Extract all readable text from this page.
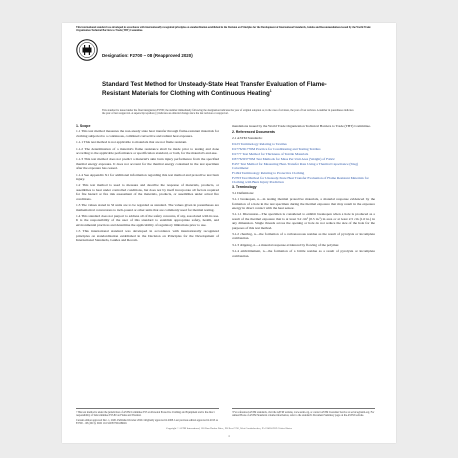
This international standard was developed in accordance with internationally recognized principles on standardization established in the Decision on Principles for the Development of International Standards, Guides and Recommendations issued by the World Trade Organization Technical Barriers to Trade (TBT) Committee.
Designation: F2700 − 08 (Reapproved 2020)
Standard Test Method for Unsteady-State Heat Transfer Evaluation of Flame-Resistant Materials for Clothing with Continuous Heating$^1$
This standard is issued under the fixed designation F2700; the number immediately following the designation indicates the year of original adoption or, in the case of revision, the year of last revision. A number in parentheses indicates the year of last reapproval. A superscript epsilon (ε) indicates an editorial change since the last revision or reapproval.
1. Scope
1.1 This test method measures the non-steady state heat transfer through flame-resistant materials for clothing subjected to a continuous, combined convective and radiant heat exposure.
1.1.1 This test method is not applicable to materials that are not flame resistant.
1.1.2 The determination of a material's flame resistance shall be made prior to testing and done according to the applicable performance or specification standard, or both, for the material's end-use.
1.1.3 This test method does not predict a material's skin burn injury performance from the specified thermal energy exposure. It does not account for the thermal energy contained in the test specimen after the exposure has ceased.
1.1.4 See Appendix X1 for additional information regarding this test method and protective test burn injury.
1.2 This test method is used to measure and describe the response of materials, products, or assemblies to heat under controlled conditions, but does not by itself incorporate all factors required for fire hazard or fire risk assessment of the materials, products, or assemblies under actual fire conditions.
1.3 The values stated in SI units are to be regarded as standard. The values given in parentheses are mathematical conversions to inch-pound or other units that are commonly used for thermal testing.
1.4 This standard does not purport to address all of the safety concerns, if any, associated with its use. It is the responsibility of the user of this standard to establish appropriate safety, health, and environmental practices and determine the applicability of regulatory limitations prior to use.
1.5 This international standard was developed in accordance with internationally recognized principles on standardization established in the Decision on Principles for the Development of International Standards, Guides and Recom-
mendations issued by the World Trade Organization Technical Barriers to Trade (TBT) Committee.
2. Referenced Documents
2.1 ASTM Standards:
D123 Terminology Relating to Textiles
D1776/D1776M Practice for Conditioning and Testing Textiles
D1777 Test Method for Thickness of Textile Materials
D3776/D3776M Test Methods for Mass Per Unit Area (Weight) of Fabric
E457 Test Method for Measuring Heat-Transfer Rate Using a Thermal Capacitance (Slug) Calorimeter
F1494 Terminology Relating to Protective Clothing
F2703 Test Method for Unsteady-State Heat Transfer Evaluation of Flame Resistant Materials for Clothing with Burn Injury Prediction
3. Terminology
3.1 Definitions:
3.1.1 breakopen, n—in testing thermal protective materials, a material response evidenced by the formation of a hole in the test specimen during the thermal exposure that may result in the exposure energy in direct contact with the heat sensor.
3.1.1.1 Discussion—The specimen is considered to exhibit breakopen when a hole is produced as a result of the thermal exposure that is at least 3.2 cm² (0.5 in.²) in area or at least 2.5 cm (1.0 in.) in any dimension. Single threads across the opening or hole do not reduce the size of the hole for the purposes of this test method.
3.1.2 charring, n—the formation of a carbonaceous residue as the result of pyrolysis or incomplete combustion.
3.1.3 dripping, n—a material response evidenced by flowing of the polymer.
3.1.4 embrittlement, n—the formation of a brittle residue as a result of pyrolysis or incomplete combustion.
¹ This test method is under the jurisdiction of ASTM Committee F23 on Personal Protective Clothing and Equipment and is the direct responsibility of Subcommittee F23.80 on Flame and Thermal.
Current edition approved Dec. 1, 2020. Published October 2020. Originally approved in 2008. Last previous edition approved in 2013 as F2700 − 08 (2013). DOI: 10.1520/F2700-08R20.
² For referenced ASTM standards, visit the ASTM website, www.astm.org, or contact ASTM Customer Service at service@astm.org. For Annual Book of ASTM Standards volume information, refer to the standard's Document Summary page on the ASTM website.
Copyright © ASTM International, 100 Barr Harbor Drive, PO Box C700, West Conshohocken, PA 19428-2959. United States
1
